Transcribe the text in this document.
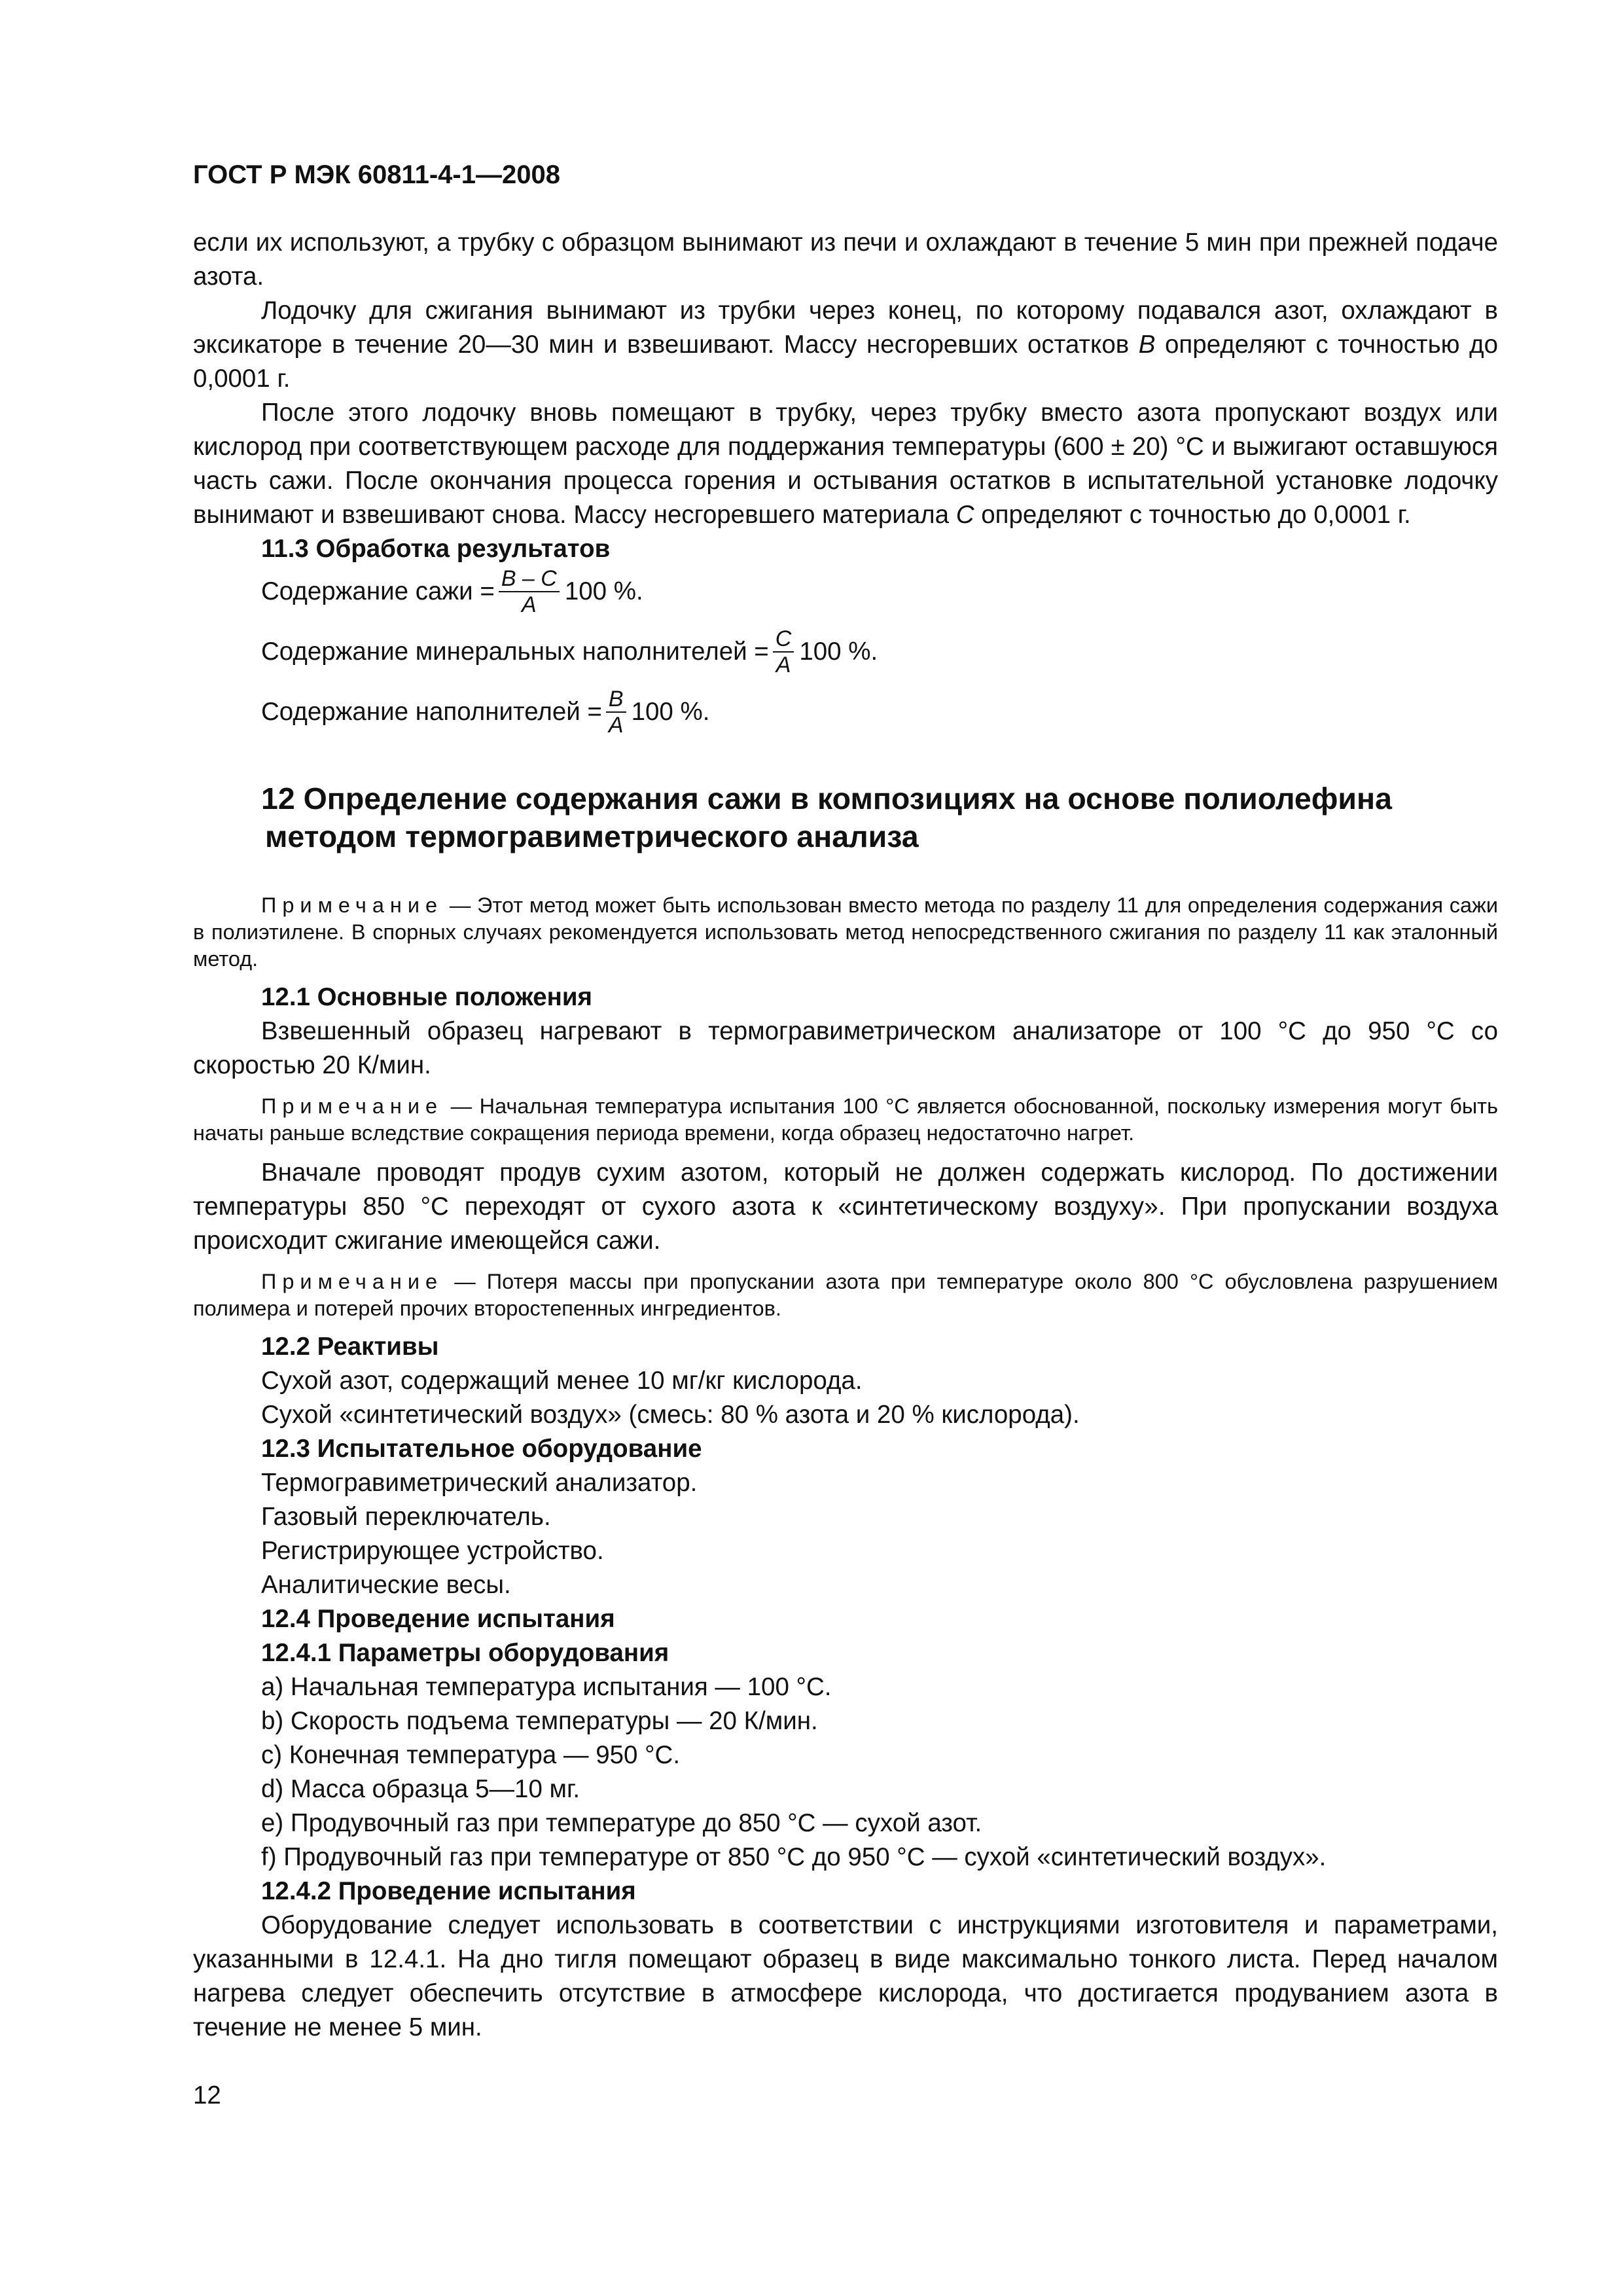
ГОСТ Р МЭК 60811-4-1—2008

если их используют, а трубку с образцом вынимают из печи и охлаждают в течение 5 мин при прежней подаче азота.

Лодочку для сжигания вынимают из трубки через конец, по которому подавался азот, охлаждают в эксикаторе в течение 20—30 мин и взвешивают. Массу несгоревших остатков B определяют с точностью до 0,0001 г.

После этого лодочку вновь помещают в трубку, через трубку вместо азота пропускают воздух или кислород при соответствующем расходе для поддержания температуры (600 ± 20) °C и выжигают оставшуюся часть сажи. После окончания процесса горения и остывания остатков в испытательной установке лодочку вынимают и взвешивают снова. Массу несгоревшего материала C определяют с точностью до 0,0001 г.

11.3 Обработка результатов
Содержание сажи = $\frac{B - C}{A} 100$ %.
Содержание минеральных наполнителей = $\frac{C}{A} 100$ %.
Содержание наполнителей = $\frac{B}{A} 100$ %.
12 Определение содержания сажи в композициях на основе полиолефина
методом термогравиметрического анализа

Примечание — Этот метод может быть использован вместо метода по разделу 11 для определения содержания сажи в полиэтилене. В спорных случаях рекомендуется использовать метод непосредственного сжигания по разделу 11 как эталонный метод.

12.1 Основные положения

Взвешенный образец нагревают в термогравиметрическом анализаторе от 100 °C до 950 °C со скоростью 20 К/мин.

Примечание — Начальная температура испытания 100 °C является обоснованной, поскольку измерения могут быть начаты раньше вследствие сокращения периода времени, когда образец недостаточно нагрет.

Вначале проводят продув сухим азотом, который не должен содержать кислород. По достижении температуры 850 °C переходят от сухого азота к «синтетическому воздуху». При пропускании воздуха происходит сжигание имеющейся сажи.

Примечание — Потеря массы при пропускании азота при температуре около 800 °C обусловлена разрушением полимера и потерей прочих второстепенных ингредиентов.

12.2 Реактивы
Сухой азот, содержащий менее 10 мг/кг кислорода.
Сухой «синтетический воздух» (смесь: 80 % азота и 20 % кислорода).
12.3 Испытательное оборудование
Термогравиметрический анализатор.
Газовый переключатель.
Регистрирующее устройство.
Аналитические весы.
12.4 Проведение испытания
12.4.1 Параметры оборудования
a) Начальная температура испытания — 100 °C.
b) Скорость подъема температуры — 20 К/мин.
c) Конечная температура — 950 °C.
d) Масса образца 5—10 мг.
e) Продувочный газ при температуре до 850 °C — сухой азот.
f) Продувочный газ при температуре от 850 °C до 950 °C — сухой «синтетический воздух».
12.4.2 Проведение испытания

Оборудование следует использовать в соответствии с инструкциями изготовителя и параметрами, указанными в 12.4.1. На дно тигля помещают образец в виде максимально тонкого листа. Перед началом нагрева следует обеспечить отсутствие в атмосфере кислорода, что достигается продуванием азота в течение не менее 5 мин.

12
